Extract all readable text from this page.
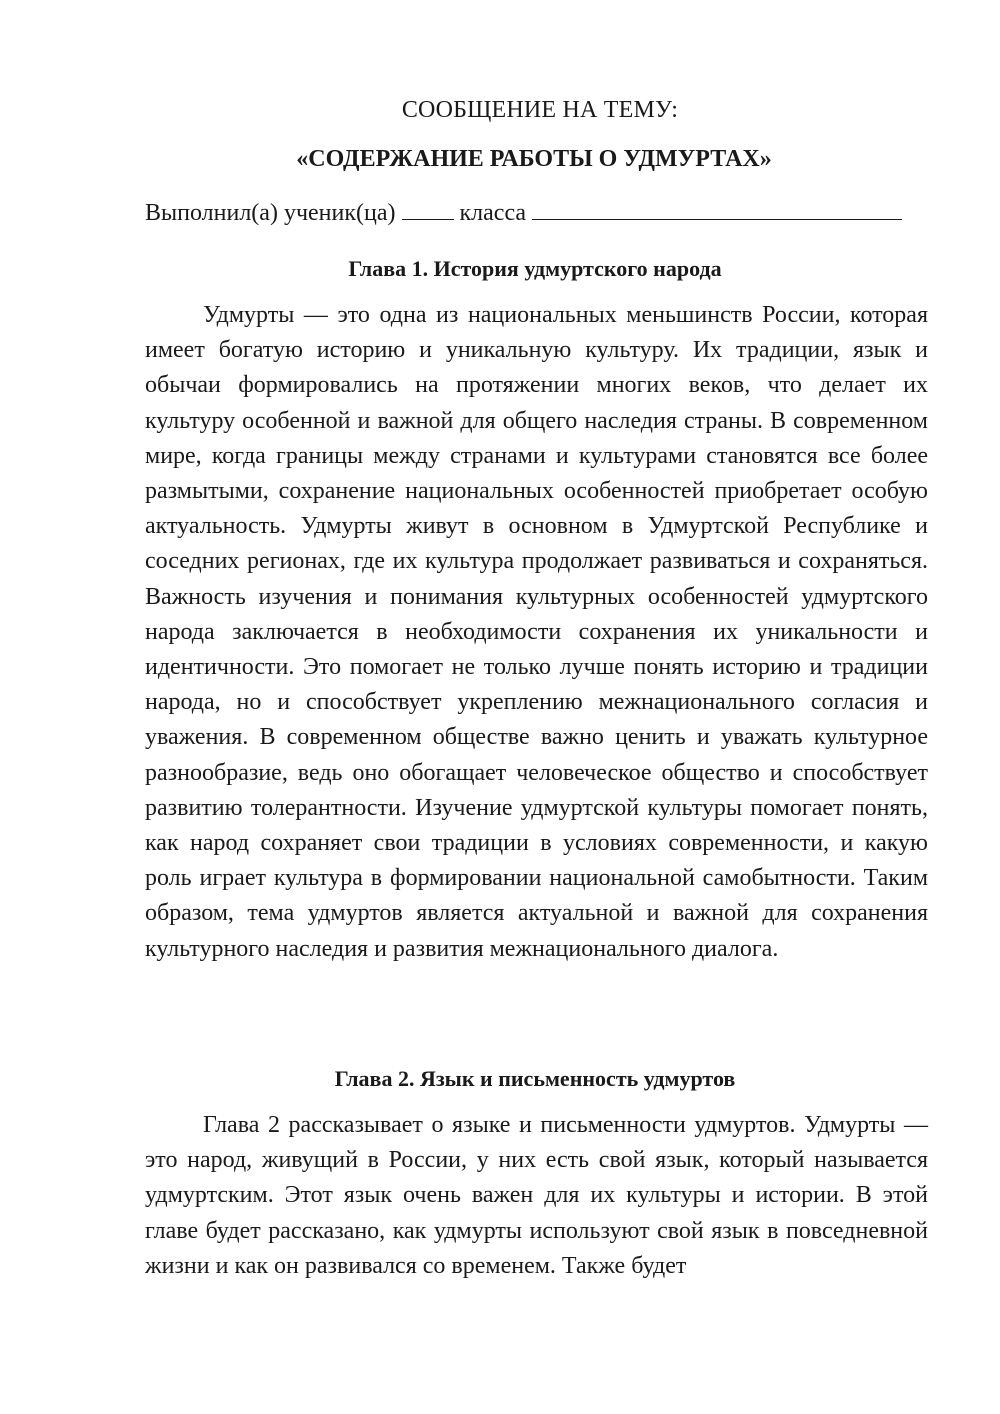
СООБЩЕНИЕ НА ТЕМУ:
«СОДЕРЖАНИЕ РАБОТЫ О УДМУРТАХ»
Выполнил(а) ученик(ца)	класса
Глава 1. История удмуртского народа

Удмурты — это одна из национальных меньшинств России, которая имеет богатую историю и уникальную культуру. Их традиции, язык и обычаи формировались на протяжении многих веков, что делает их культуру особенной и важной для общего наследия страны. В современном мире, когда границы между странами и культурами становятся все более размытыми, сохранение национальных особенностей приобретает особую актуальность. Удмурты живут в основном в Удмуртской Республике и соседних регионах, где их культура продолжает развиваться и сохраняться. Важность изучения и понимания культурных особенностей удмуртского народа заключается в необходимости сохранения их уникальности и идентичности. Это помогает не только лучше понять историю и традиции народа, но и способствует укреплению межнационального согласия и уважения. В современном обществе важно ценить и уважать культурное разнообразие, ведь оно обогащает человеческое общество и способствует развитию толерантности. Изучение удмуртской культуры помогает понять, как народ сохраняет свои традиции в условиях современности, и какую роль играет культура в формировании национальной самобытности. Таким образом, тема удмуртов является актуальной и важной для сохранения культурного наследия и развития межнационального диалога.

Глава 2. Язык и письменность удмуртов

Глава 2 рассказывает о языке и письменности удмуртов. Удмурты — это народ, живущий в России, у них есть свой язык, который называется удмуртским. Этот язык очень важен для их культуры и истории. В этой главе будет рассказано, как удмурты используют свой язык в повседневной жизни и как он развивался со временем. Также будет
